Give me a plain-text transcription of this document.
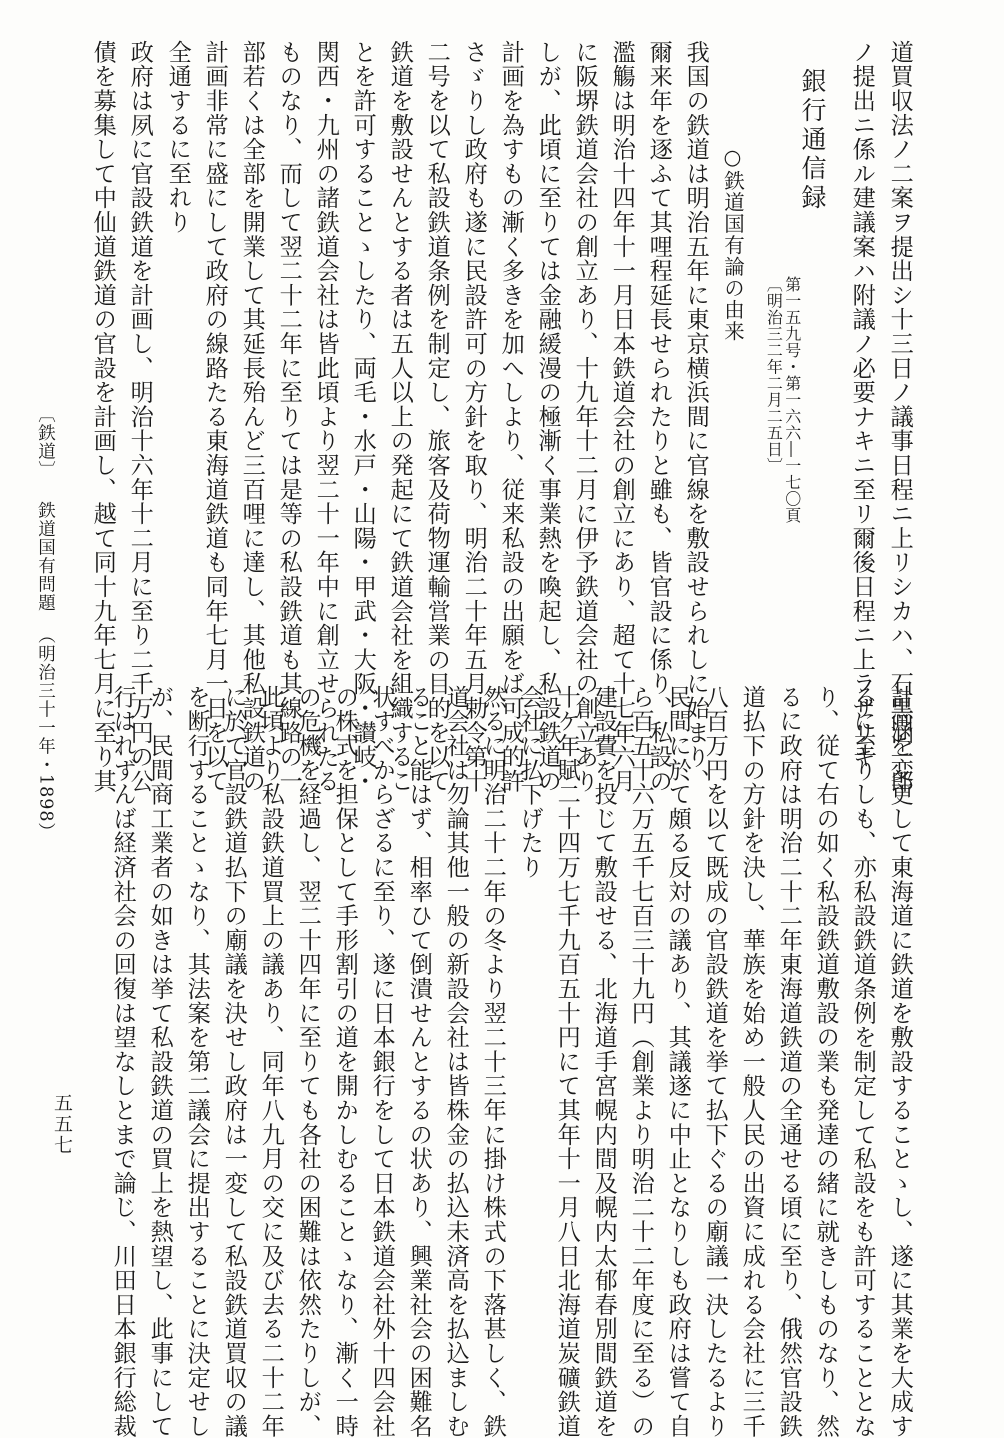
道買収法ノ二案ヲ提出シ十三日ノ議事日程ニ上リシカハ、石黒涵一郎
ノ提出ニ係ル建議案ハ附議ノ必要ナキニ至リ爾後日程ニ上ラザリキ
銀行通信録
第一五九号・第一六六―一七〇頁
〔明治三二年二月二五日〕
○鉄道国有論の由来
我国の鉄道は明治五年に東京横浜間に官線を敷設せられしに始まり、
爾来年を逐ふて其哩程延長せられたりと雖も、皆官設に係り、私設の
濫觴は明治十四年十一月日本鉄道会社の創立にあり、超て十七年六月
に阪堺鉄道会社の創立あり、十九年十二月に伊予鉄道会社の創立あり
しが、此頃に至りては金融緩漫の極漸く事業熱を喚起し、私設鉄道の
計画を為すもの漸く多きを加へしより、従来私設の出願をば可成的許
さゞりし政府も遂に民設許可の方針を取り、明治二十年五月勅令第十
二号を以て私設鉄道条例を制定し、旅客及荷物運輸営業の目的を以て
鉄道を敷設せんとする者は五人以上の発起にて鉄道会社を組織するこ
とを許可することゝしたり、両毛・水戸・山陽・甲武・大阪・讃岐・
関西・九州の諸鉄道会社は皆此頃より翌二十一年中に創立せられたる
ものなり、而して翌二十二年に至りては是等の私設鉄道も其線路の一
部若くは全部を開業して其延長殆んど三百哩に達し、其他私設鉄道の
計画非常に盛にして政府の線路たる東海道鉄道も同年七月一日を以て
全通するに至れり
政府は夙に官設鉄道を計画し、明治十六年十二月に至り二千万円の公
債を募集して中仙道鉄道の官設を計画し、越て同十九年七月に至り其
〔鉄道〕鉄道国有問題（明治三十一年・1898）	計画を変更して東海道に鉄道を敷設することゝし、遂に其業を大成す
るに至りしも、亦私設鉄道条例を制定して私設をも許可することとな
り、従て右の如く私設鉄道敷設の業も発達の緒に就きしものなり、然
るに政府は明治二十二年東海道鉄道の全通せる頃に至り、俄然官設鉄
道払下の方針を決し、華族を始め一般人民の出資に成れる会社に三千
八百万円を以て既成の官設鉄道を挙て払下ぐるの廟議一決したるより
民間に於て頗る反対の議あり、其議遂に中止となりしも政府は嘗て自
ら百五十六万五千七百三十九円（創業より明治二十二年度に至る）の
建設費を投じて敷設せる、北海道手宮幌内間及幌内太郁春別間鉄道を
十ケ年賦二十四万七千九百五十円にて其年十一月八日北海道炭礦鉄道
会社に払下げたり
然るに明治二十二年の冬より翌二十三年に掛け株式の下落甚しく、鉄
道会社は勿論其他一般の新設会社は皆株金の払込未済高を払込ましむ
ること能はず、相率ひて倒潰せんとするの状あり、興業社会の困難名
状すべからざるに至り、遂に日本銀行をして日本鉄道会社外十四会社
の株式を担保として手形割引の道を開かしむることゝなり、漸く一時
の危機を経過し、翌二十四年に至りても各社の困難は依然たりしが、
此頃より私設鉄道買上の議あり、同年八九月の交に及び去る二十二年
に於て官設鉄道払下の廟議を決せし政府は一変して私設鉄道買収の議
を断行することゝなり、其法案を第二議会に提出することに決定せし
が、民間商工業者の如きは挙て私設鉄道の買上を熱望し、此事にして
行はれずんば経済社会の回復は望なしとまで論じ、川田日本銀行総裁
五五七
